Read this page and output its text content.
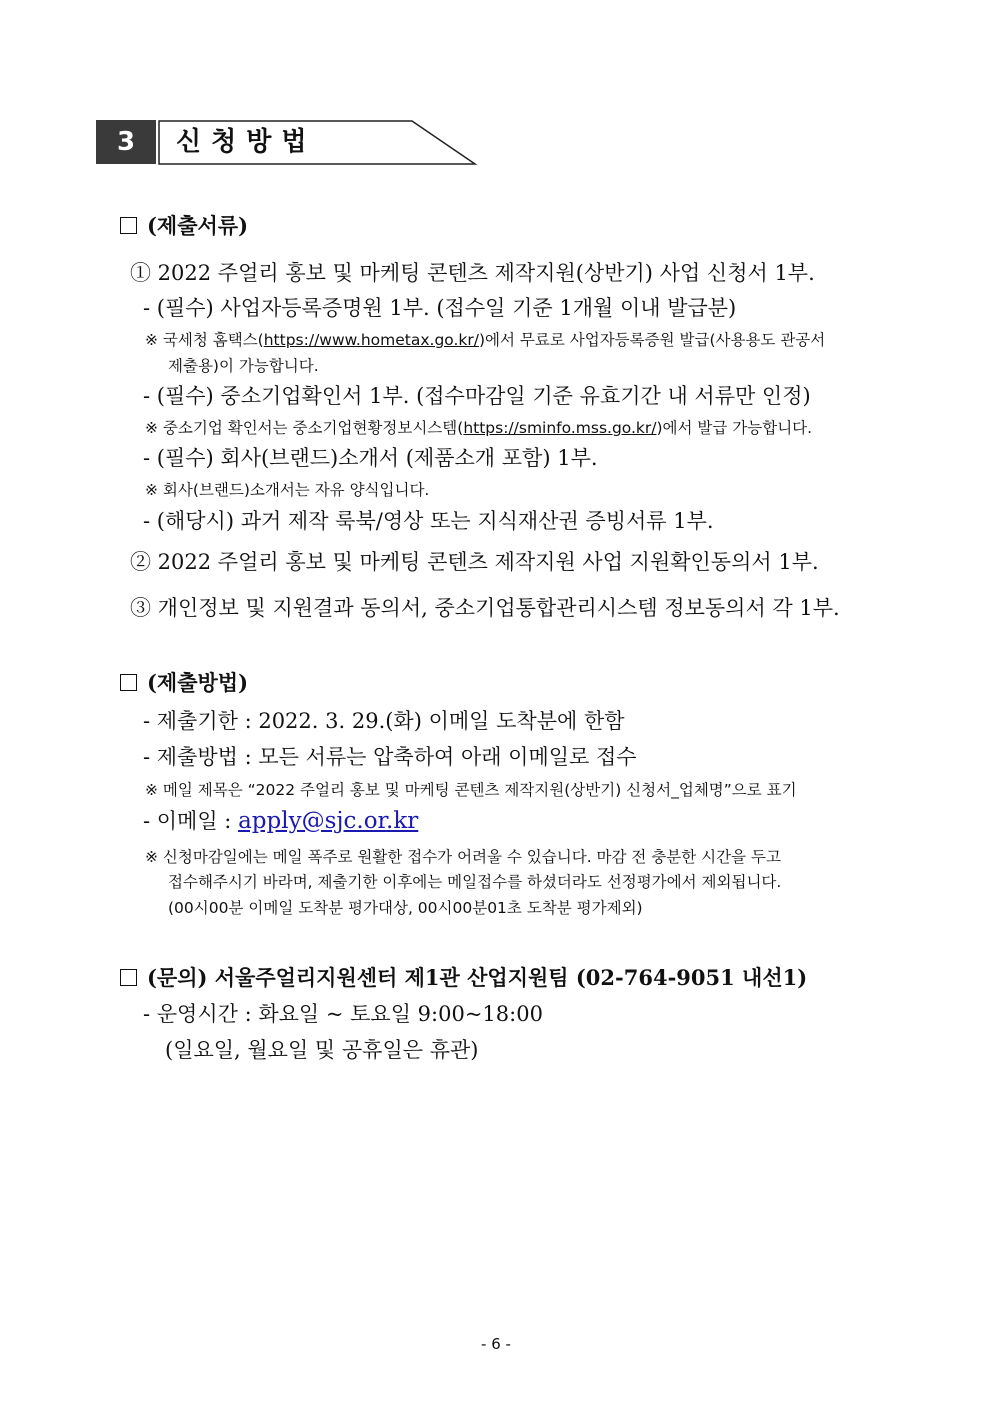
3	신청방법
(제출서류)
① 2022 주얼리 홍보 및 마케팅 콘텐츠 제작지원(상반기) 사업 신청서 1부.
- (필수) 사업자등록증명원 1부. (접수일 기준 1개월 이내 발급분)
※ 국세청 홈택스(https://www.hometax.go.kr/)에서 무료로 사업자등록증원 발급(사용용도 관공서
제출용)이 가능합니다.
- (필수) 중소기업확인서 1부. (접수마감일 기준 유효기간 내 서류만 인정)
※ 중소기업 확인서는 중소기업현황정보시스템(https://sminfo.mss.go.kr/)에서 발급 가능합니다.
- (필수) 회사(브랜드)소개서 (제품소개 포함) 1부.
※ 회사(브랜드)소개서는 자유 양식입니다.
- (해당시) 과거 제작 룩북/영상 또는 지식재산권 증빙서류 1부.
② 2022 주얼리 홍보 및 마케팅 콘텐츠 제작지원 사업 지원확인동의서 1부.
③ 개인정보 및 지원결과 동의서, 중소기업통합관리시스템 정보동의서 각 1부.
(제출방법)
- 제출기한 : 2022. 3. 29.(화) 이메일 도착분에 한함
- 제출방법 : 모든 서류는 압축하여 아래 이메일로 접수
※ 메일 제목은 “2022 주얼리 홍보 및 마케팅 콘텐츠 제작지원(상반기) 신청서_업체명”으로 표기
- 이메일 : apply@sjc.or.kr
※ 신청마감일에는 메일 폭주로 원활한 접수가 어려울 수 있습니다. 마감 전 충분한 시간을 두고
접수해주시기 바라며, 제출기한 이후에는 메일접수를 하셨더라도 선정평가에서 제외됩니다.
(00시00분 이메일 도착분 평가대상, 00시00분01초 도착분 평가제외)
(문의) 서울주얼리지원센터 제1관 산업지원팀 (02-764-9051 내선1)
- 운영시간 : 화요일 ~ 토요일 9:00~18:00
(일요일, 월요일 및 공휴일은 휴관)
- 6 -
